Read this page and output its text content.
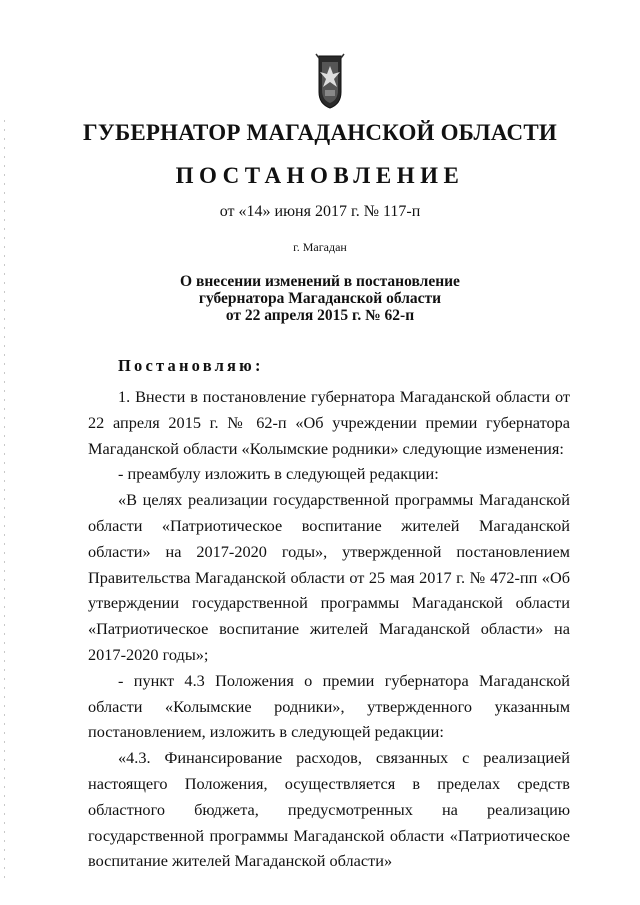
ГУБЕРНАТОР МАГАДАНСКОЙ ОБЛАСТИ
ПОСТАНОВЛЕНИЕ
от «14» июня 2017 г. № 117-п
г. Магадан
О внесении изменений в постановление
губернатора Магаданской области
от 22 апреля 2015 г. № 62-п
Постановляю:

1. Внести в постановление губернатора Магаданской области от 22 апреля 2015 г. № 62-п «Об учреждении премии губернатора Магаданской области «Колымские родники» следующие изменения:

- преамбулу изложить в следующей редакции:

«В целях реализации государственной программы Магаданской области «Патриотическое воспитание жителей Магаданской области» на 2017-2020 годы», утвержденной постановлением Правительства Магаданской области от 25 мая 2017 г. № 472-пп «Об утверждении государственной программы Магаданской области «Патриотическое воспитание жителей Магаданской области» на 2017-2020 годы»;

- пункт 4.3 Положения о премии губернатора Магаданской области «Колымские родники», утвержденного указанным постановлением, изложить в следующей редакции:

«4.3. Финансирование расходов, связанных с реализацией настоящего Положения, осуществляется в пределах средств областного бюджета, предусмотренных на реализацию государственной программы Магаданской области «Патриотическое воспитание жителей Магаданской области»
